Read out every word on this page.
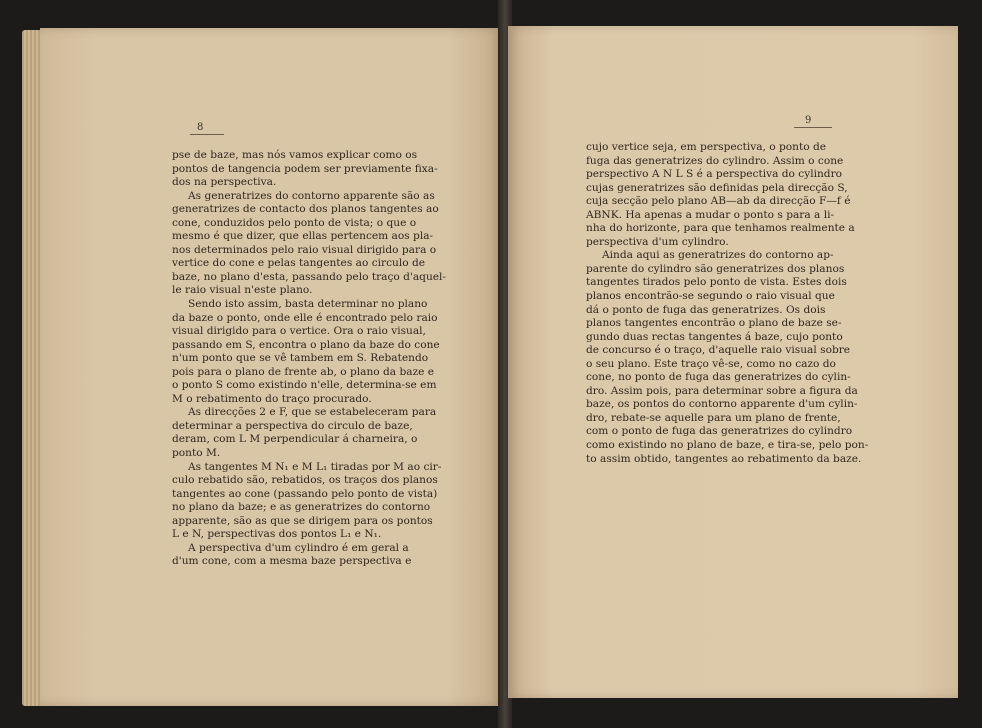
8
pse de baze, mas nós vamos explicar como os
pontos de tangencia podem ser previamente fixa-
dos na perspectiva.
As generatrizes do contorno apparente são as
generatrizes de contacto dos planos tangentes ao
cone, conduzidos pelo ponto de vista; o que o
mesmo é que dizer, que ellas pertencem aos pla-
nos determinados pelo raio visual dirigido para o
vertice do cone e pelas tangentes ao circulo de
baze, no plano d'esta, passando pelo traço d'aquel-
le raio visual n'este plano.
Sendo isto assim, basta determinar no plano
da baze o ponto, onde elle é encontrado pelo raio
visual dirigido para o vertice. Ora o raio visual,
passando em S, encontra o plano da baze do cone
n'um ponto que se vê tambem em S. Rebatendo
pois para o plano de frente ab, o plano da baze e
o ponto S como existindo n'elle, determina-se em
M o rebatimento do traço procurado.
As direcções 2 e F, que se estabeleceram para
determinar a perspectiva do circulo de baze,
deram, com L M perpendicular á charneira, o
ponto M.
As tangentes M N₁ e M L₁ tiradas por M ao cir-
culo rebatido são, rebatidos, os traços dos planos
tangentes ao cone (passando pelo ponto de vista)
no plano da baze; e as generatrizes do contorno
apparente, são as que se dirigem para os pontos
L e N, perspectivas dos pontos L₁ e N₁.
A perspectiva d'um cylindro é em geral a
d'um cone, com a mesma baze perspectiva e
9
cujo vertice seja, em perspectiva, o ponto de
fuga das generatrizes do cylindro. Assim o cone
perspectivo A N L S é a perspectiva do cylindro
cujas generatrizes são definidas pela direcção S,
cuja secção pelo plano AB—ab da direcção F—f é
ABNK. Ha apenas a mudar o ponto s para a li-
nha do horizonte, para que tenhamos realmente a
perspectiva d'um cylindro.
Ainda aqui as generatrizes do contorno ap-
parente do cylindro são generatrizes dos planos
tangentes tirados pelo ponto de vista. Estes dois
planos encontrão-se segundo o raio visual que
dá o ponto de fuga das generatrizes. Os dois
planos tangentes encontrão o plano de baze se-
gundo duas rectas tangentes á baze, cujo ponto
de concurso é o traço, d'aquelle raio visual sobre
o seu plano. Este traço vê-se, como no cazo do
cone, no ponto de fuga das generatrizes do cylin-
dro. Assim pois, para determinar sobre a figura da
baze, os pontos do contorno apparente d'um cylin-
dro, rebate-se aquelle para um plano de frente,
com o ponto de fuga das generatrizes do cylindro
como existindo no plano de baze, e tira-se, pelo pon-
to assim obtido, tangentes ao rebatimento da baze.
